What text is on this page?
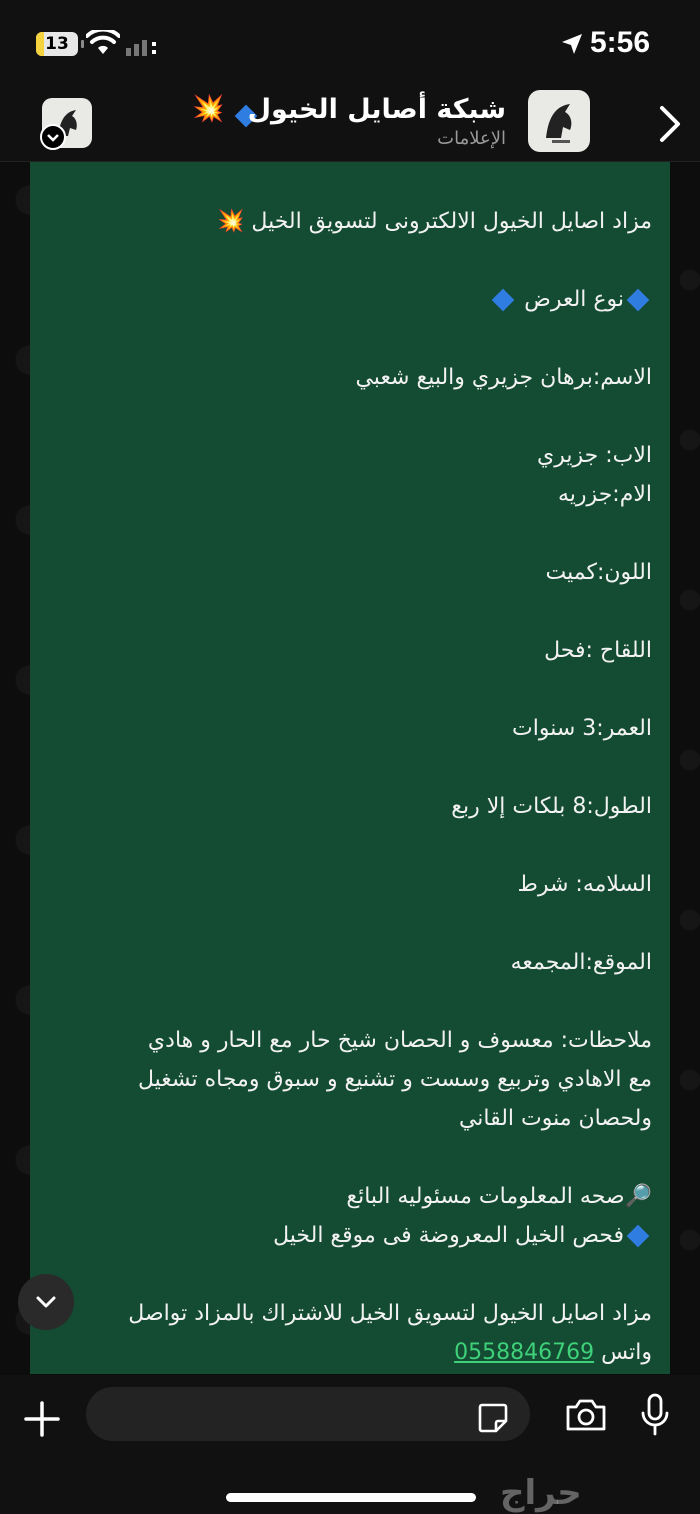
13	5:56
💥 شبكة أصايل الخيول
الإعلامات
مزاد اصايل الخيول الالكترونى لتسويق الخيل 💥
نوع العرض
الاسم:برهان جزيري والبيع شعبي
الاب: جزيري
الام:جزريه
اللون:كميت
اللقاح :فحل
العمر:3 سنوات
الطول:8 بلكات إلا ربع
السلامه: شرط
الموقع:المجمعه
ملاحظات: معسوف و الحصان شيخ حار مع الحار و هادي
مع الاهادي وتربيع وسست و تشنيع و سبوق ومجاه تشغيل
ولحصان منوت القاني
🔎صحه المعلومات مسئوليه البائع
فحص الخيل المعروضة فى موقع الخيل
مزاد اصايل الخيول لتسويق الخيل للاشتراك بالمزاد تواصل
واتس 0558846769
حراج
